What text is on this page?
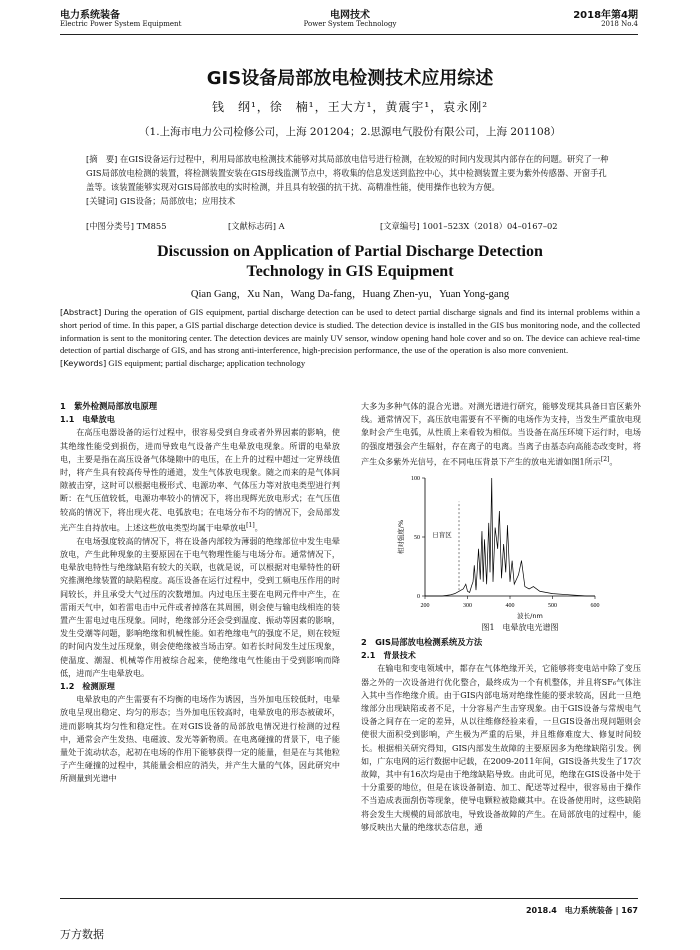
电力系统装备
Electric Power System Equipment
电网技术
Power System Technology
2018年第4期
2018 No.4
GIS设备局部放电检测技术应用综述
钱　纲¹，徐　楠¹，王大方¹，黄震宇¹，袁永刚²
（1.上海市电力公司检修公司，上海 201204；2.思源电气股份有限公司，上海 201108）
[摘　要] 在GIS设备运行过程中，利用局部放电检测技术能够对其局部放电信号进行检测，在较短的时间内发现其内部存在的问题。研究了一种GIS局部放电检测的装置，将检测装置安装在GIS母线监测节点中，将收集的信息发送到监控中心，其中检测装置主要为紫外传感器、开窗手孔盖等。该装置能够实现对GIS局部放电的实时检测，并且具有较强的抗干扰、高精准性能，使用操作也较为方便。
[关键词] GIS设备；局部放电；应用技术
[中图分类号] TM855	[文献标志码] A	[文章编号] 1001–523X（2018）04–0167–02
Discussion on Application of Partial Discharge Detection Technology in GIS Equipment
Qian Gang，Xu Nan，Wang Da-fang，Huang Zhen-yu，Yuan Yong-gang
[Abstract] During the operation of GIS equipment, partial discharge detection can be used to detect partial discharge signals and find its internal problems within a short period of time. In this paper, a GIS partial discharge detection device is studied. The detection device is installed in the GIS bus monitoring node, and the collected information is sent to the monitoring center. The detection devices are mainly UV sensor, window opening hand hole cover and so on. The device can achieve real-time detection of partial discharge of GIS, and has strong anti-interference, high-precision performance, the use of the operation is also more convenient.
[Keywords] GIS equipment; partial discharge; application technology
1　紫外检测局部放电原理
1.1　电晕放电

在高压电器设备的运行过程中，很容易受到自身或者外界因素的影响，使其绝缘性能受到损伤，进而导致电气设备产生电晕放电现象。所谓的电晕放电，主要是指在高压设备气体缝隙中的电压，在上升的过程中超过一定界线值时，将产生具有较高传导性的通道，发生气体放电现象。随之而来的是气体间隙被击穿，这时可以根据电极形式、电源功率、气体压力等对放电类型进行判断：在气压值较低，电源功率较小的情况下，将出现辉光放电形式；在气压值较高的情况下，将出现火花、电弧放电；在电场分布不均的情况下，会局部发光产生自持放电。上述这些放电类型均属于电晕放电[1]。

在电场强度较高的情况下，将在设备内部较为薄弱的绝缘部位中发生电晕放电，产生此种现象的主要原因在于电气物理性能与电场分布。通常情况下，电晕放电特性与绝缘缺陷有较大的关联，也就是说，可以根据对电晕特性的研究推测绝缘装置的缺陷程度。高压设备在运行过程中，受到工频电压作用的时间较长，并且承受大气过压的次数增加。内过电压主要在电网元件中产生，在雷雨天气中，如若雷电击中元件或者掉落在其周围，则会使与输电线相连的装置产生雷电过电压现象。同时，绝缘部分还会受到温度、振动等因素的影响，发生受潮等问题，影响绝缘和机械性能。如若绝缘电气的强度不足，则在较短的时间内发生过压现象，则会使绝缘被当场击穿。如若长时间发生过压现象，使温度、潮湿、机械等作用被综合起来，使绝缘电气性能由于受到影响而降低，进而产生电晕放电。

1.2　检测原理

电晕放电的产生需要有不均衡的电场作为诱因，当外加电压较低时，电晕放电呈现出稳定、均匀的形态；当外加电压较高时，电晕放电的形态被破坏，进而影响其均匀性和稳定性。在对GIS设备的局部放电情况进行检测的过程中，通常会产生发热、电磁波、发光等新物质。在电离碰撞的背景下，电子能量处于流动状态，起初在电场的作用下能够获得一定的能量，但是在与其他粒子产生碰撞的过程中，其能量会相应的消失，并产生大量的气体，因此研究中所测量到光谱中

大多为多种气体的混合光谱。对测光谱进行研究，能够发现其具备日盲区紫外线。通常情况下，高压放电需要有不平衡的电场作为支持，当发生严重放电现象时会产生电弧，从性质上来看较为相似。当设备在高压环境下运行时，电场的强度增强会产生辐射，存在离子的电离。当离子由基态向高能态改变时，将产生众多紫外光信号，在不同电压背景下产生的放电光谱如图1所示[2]。

200	300	400	500	600
0
50
100
日盲区
相对强度/%
波长/nm
图1　电晕放电光谱图
2　GIS局部放电检测系统及方法
2.1　背景技术

在输电和变电领域中，都存在气体绝缘开关，它能够将变电站中除了变压器之外的一次设备进行优化整合，最终成为一个有机整体，并且将SF₆气体注入其中当作绝缘介质。由于GIS内部电场对绝缘性能的要求较高，因此一旦绝缘部分出现缺陷或者不足，十分容易产生击穿现象。由于GIS设备与常规电气设备之间存在一定的差异，从以往维修经验来看，一旦GIS设备出现问题则会使很大面积受到影响，产生极为严重的后果，并且维修难度大、修复时间较长。根据相关研究得知，GIS内部发生故障的主要原因多为绝缘缺陷引发。例如，广东电网的运行数据中记载，在2009-2011年间，GIS设备共发生了17次故障，其中有16次均是由于绝缘缺陷导致。由此可见，绝缘在GIS设备中处于十分重要的地位，但是在该设备制造、加工、配送等过程中，很容易由于操作不当造成表面刮伤等现象，使导电颗粒被隐藏其中。在设备使用时，这些缺陷将会发生大规模的局部放电，导致设备故障的产生。在局部放电的过程中，能够反映出大量的绝缘状态信息，通

2018.4　电力系统装备 | 167
万方数据
